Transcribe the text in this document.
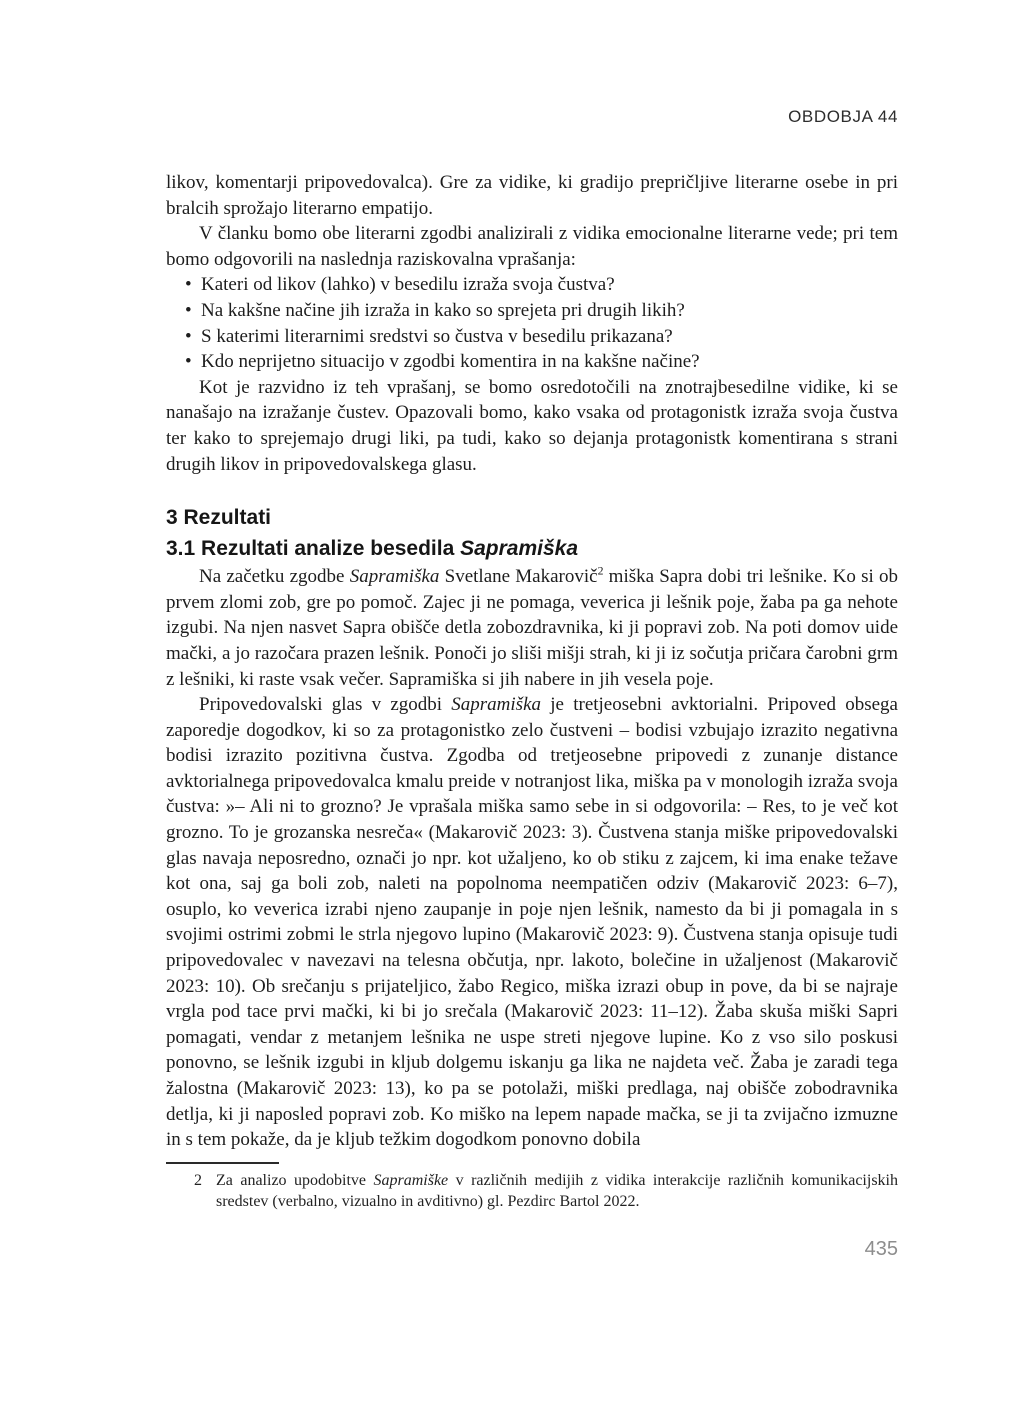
OBDOBJA 44

likov, komentarji pripovedovalca). Gre za vidike, ki gradijo prepričljive literarne osebe in pri bralcih sprožajo literarno empatijo.

V članku bomo obe literarni zgodbi analizirali z vidika emocionalne literarne vede; pri tem bomo odgovorili na naslednja raziskovalna vprašanja:

• Kateri od likov (lahko) v besedilu izraža svoja čustva?
• Na kakšne načine jih izraža in kako so sprejeta pri drugih likih?
• S katerimi literarnimi sredstvi so čustva v besedilu prikazana?
• Kdo neprijetno situacijo v zgodbi komentira in na kakšne načine?

Kot je razvidno iz teh vprašanj, se bomo osredotočili na znotrajbesedilne vidike, ki se nanašajo na izražanje čustev. Opazovali bomo, kako vsaka od protagonistk izraža svoja čustva ter kako to sprejemajo drugi liki, pa tudi, kako so dejanja protagonistk komentirana s strani drugih likov in pripovedovalskega glasu.

3 Rezultati
3.1 Rezultati analize besedila Sapramiška

Na začetku zgodbe Sapramiška Svetlane Makarovič$^2$ miška Sapra dobi tri lešnike. Ko si ob prvem zlomi zob, gre po pomoč. Zajec ji ne pomaga, veverica ji lešnik poje, žaba pa ga nehote izgubi. Na njen nasvet Sapra obišče detla zobozdravnika, ki ji popravi zob. Na poti domov uide mački, a jo razočara prazen lešnik. Ponoči jo sliši mišji strah, ki ji iz sočutja pričara čarobni grm z lešniki, ki raste vsak večer. Sapramiška si jih nabere in jih vesela poje.

Pripovedovalski glas v zgodbi Sapramiška je tretjeosebni avktorialni. Pripoved obsega zaporedje dogodkov, ki so za protagonistko zelo čustveni – bodisi vzbujajo izrazito negativna bodisi izrazito pozitivna čustva. Zgodba od tretjeosebne pripovedi z zunanje distance avktorialnega pripovedovalca kmalu preide v notranjost lika, miška pa v monologih izraža svoja čustva: »– Ali ni to grozno? Je vprašala miška samo sebe in si odgovorila: – Res, to je več kot grozno. To je grozanska nesreča« (Makarovič 2023: 3). Čustvena stanja miške pripovedovalski glas navaja neposredno, označi jo npr. kot užaljeno, ko ob stiku z zajcem, ki ima enake težave kot ona, saj ga boli zob, naleti na popolnoma neempatičen odziv (Makarovič 2023: 6–7), osuplo, ko veverica izrabi njeno zaupanje in poje njen lešnik, namesto da bi ji pomagala in s svojimi ostrimi zobmi le strla njegovo lupino (Makarovič 2023: 9). Čustvena stanja opisuje tudi pripovedovalec v navezavi na telesna občutja, npr. lakoto, bolečine in užaljenost (Makarovič 2023: 10). Ob srečanju s prijateljico, žabo Regico, miška izrazi obup in pove, da bi se najraje vrgla pod tace prvi mački, ki bi jo srečala (Makarovič 2023: 11–12). Žaba skuša miški Sapri pomagati, vendar z metanjem lešnika ne uspe streti njegove lupine. Ko z vso silo poskusi ponovno, se lešnik izgubi in kljub dolgemu iskanju ga lika ne najdeta več. Žaba je zaradi tega žalostna (Makarovič 2023: 13), ko pa se potolaži, miški predlaga, naj obišče zobodravnika detlja, ki ji naposled popravi zob. Ko miško na lepem napade mačka, se ji ta zvijačno izmuzne in s tem pokaže, da je kljub težkim dogodkom ponovno dobila

2 Za analizo upodobitve Sapramiške v različnih medijih z vidika interakcije različnih komunikacijskih sredstev (verbalno, vizualno in avditivno) gl. Pezdirc Bartol 2022.
435
